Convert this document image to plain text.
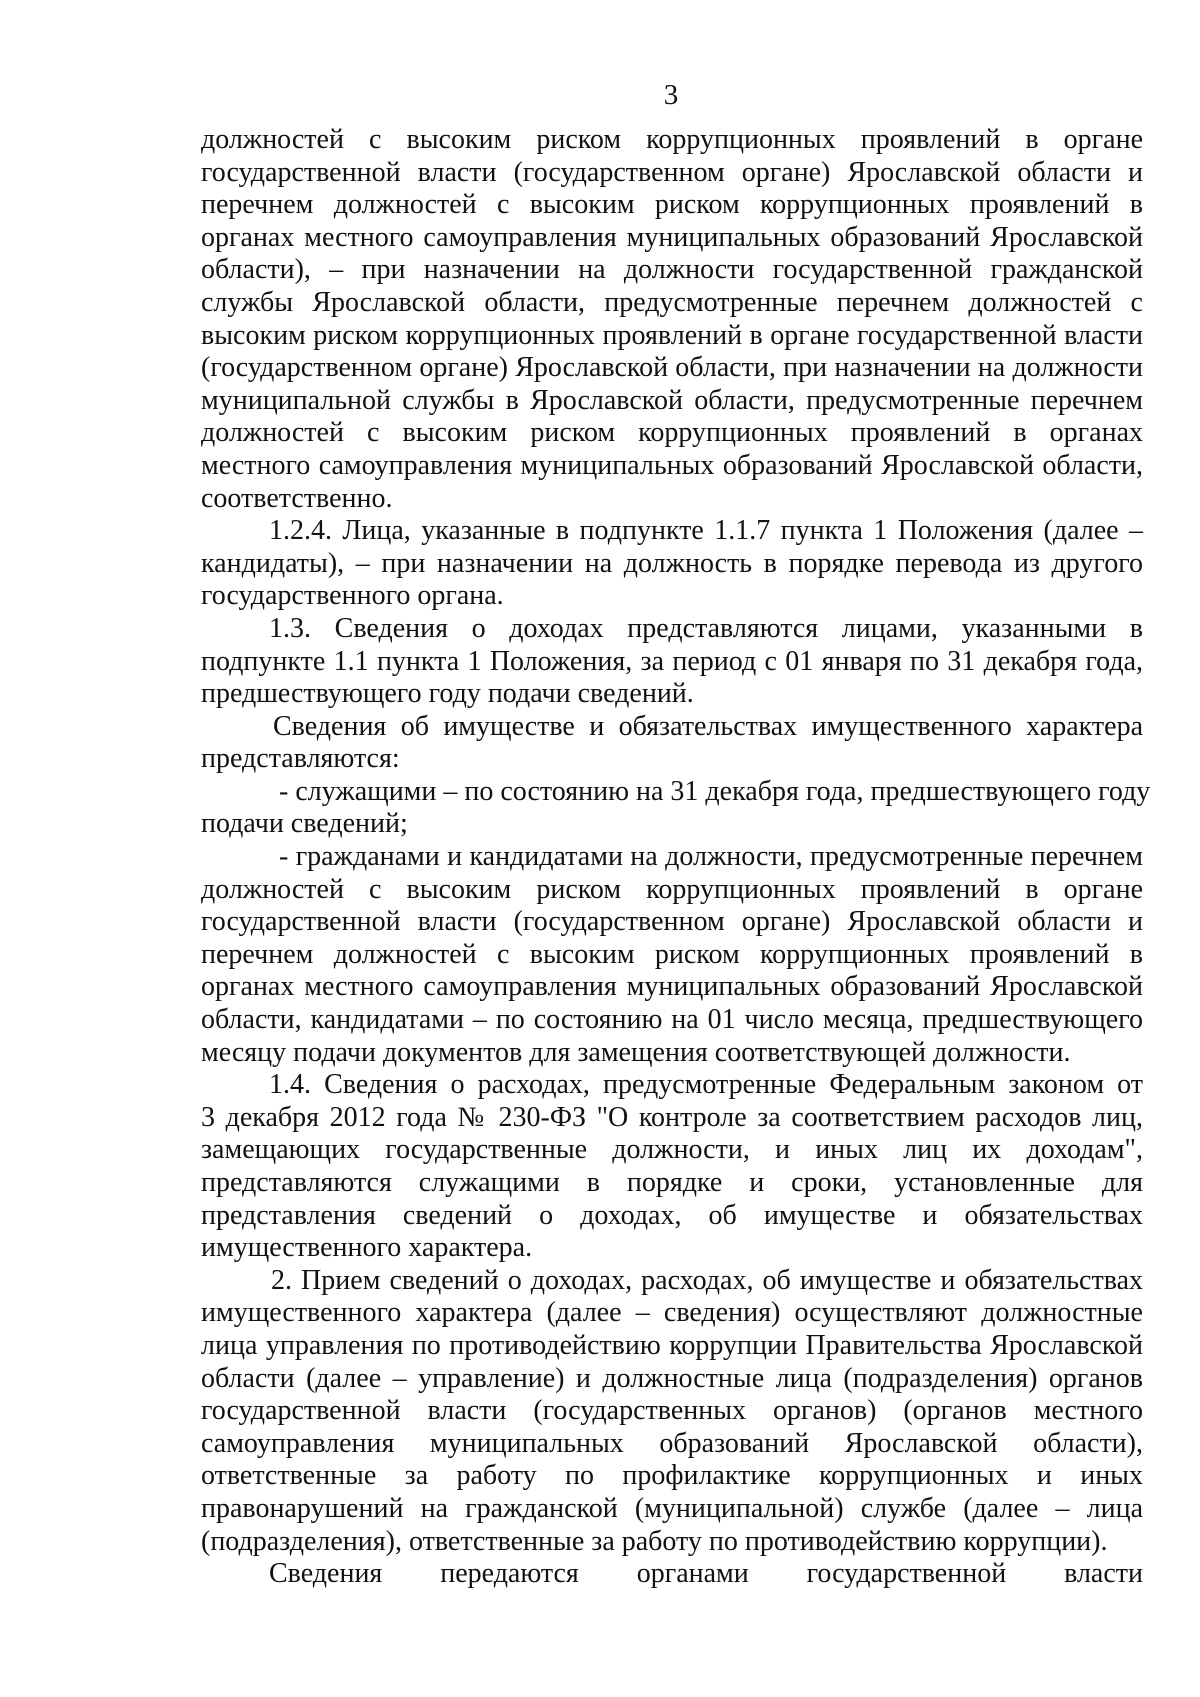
3
должностей с высоким риском коррупционных проявлений в органе
государственной власти (государственном органе) Ярославской области и
перечнем должностей с высоким риском коррупционных проявлений в
органах местного самоуправления муниципальных образований Ярославской
области), – при назначении на должности государственной гражданской
службы Ярославской области, предусмотренные перечнем должностей с
высоким риском коррупционных проявлений в органе государственной власти
(государственном органе) Ярославской области, при назначении на должности
муниципальной службы в Ярославской области, предусмотренные перечнем
должностей с высоким риском коррупционных проявлений в органах
местного самоуправления муниципальных образований Ярославской области,
соответственно.
1.2.4. Лица, указанные в подпункте 1.1.7 пункта 1 Положения (далее –
кандидаты), – при назначении на должность в порядке перевода из другого
государственного органа.
1.3. Сведения о доходах представляются лицами, указанными в
подпункте 1.1 пункта 1 Положения, за период с 01 января по 31 декабря года,
предшествующего году подачи сведений.
Сведения об имуществе и обязательствах имущественного характера
представляются:
- служащими – по состоянию на 31 декабря года, предшествующего году
подачи сведений;
- гражданами и кандидатами на должности, предусмотренные перечнем
должностей с высоким риском коррупционных проявлений в органе
государственной власти (государственном органе) Ярославской области и
перечнем должностей с высоким риском коррупционных проявлений в
органах местного самоуправления муниципальных образований Ярославской
области, кандидатами – по состоянию на 01 число месяца, предшествующего
месяцу подачи документов для замещения соответствующей должности.
1.4. Сведения о расходах, предусмотренные Федеральным законом от
3 декабря 2012 года № 230-ФЗ "О контроле за соответствием расходов лиц,
замещающих государственные должности, и иных лиц их доходам",
представляются служащими в порядке и сроки, установленные для
представления сведений о доходах, об имуществе и обязательствах
имущественного характера.
2. Прием сведений о доходах, расходах, об имуществе и обязательствах
имущественного характера (далее – сведения) осуществляют должностные
лица управления по противодействию коррупции Правительства Ярославской
области (далее – управление) и должностные лица (подразделения) органов
государственной власти (государственных органов) (органов местного
самоуправления муниципальных образований Ярославской области),
ответственные за работу по профилактике коррупционных и иных
правонарушений на гражданской (муниципальной) службе (далее – лица
(подразделения), ответственные за работу по противодействию коррупции).
Сведения передаются органами государственной власти
